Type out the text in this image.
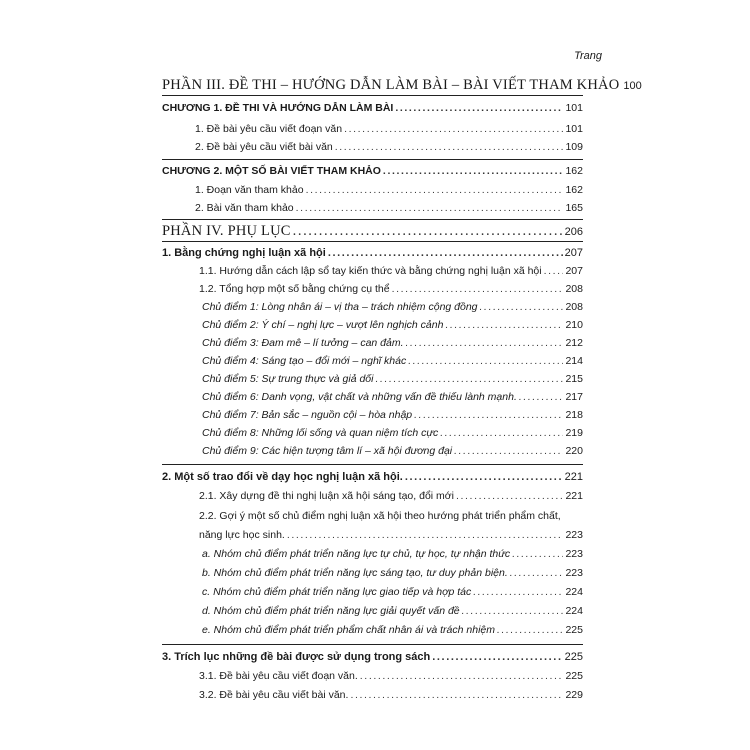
Trang
PHẦN III. ĐỀ THI – HƯỚNG DẪN LÀM BÀI – BÀI VIẾT THAM KHẢO 100
CHƯƠNG 1. ĐỀ THI VÀ HƯỚNG DẪN LÀM BÀI .....	101
1. Đề bài yêu cầu viết đoạn văn .....	101
2. Đề bài yêu cầu viết bài văn .....	109
CHƯƠNG 2. MỘT SỐ BÀI VIẾT THAM KHẢO .....	162
1. Đoạn văn tham khảo .....	162
2. Bài văn tham khảo .....	165
PHẦN IV. PHỤ LỤC .....	206
1. Bằng chứng nghị luận xã hội .....	207
1.1. Hướng dẫn cách lập sổ tay kiến thức và bằng chứng nghị luận xã hội ..... 207
1.2. Tổng hợp một số bằng chứng cụ thể .....	208
Chủ điểm 1: Lòng nhân ái – vị tha – trách nhiệm cộng đồng .....	208
Chủ điểm 2: Ý chí – nghị lực – vượt lên nghịch cảnh .....	210
Chủ điểm 3: Đam mê – lí tưởng – can đảm. .....	212
Chủ điểm 4: Sáng tạo – đổi mới – nghĩ khác .....	214
Chủ điểm 5: Sự trung thực và giả dối .....	215
Chủ điểm 6: Danh vọng, vật chất và những vấn đề thiếu lành mạnh. .....	217
Chủ điểm 7: Bản sắc – nguồn cội – hòa nhập .....	218
Chủ điểm 8: Những lối sống và quan niệm tích cực .....	219
Chủ điểm 9: Các hiện tượng tâm lí – xã hội đương đại .....	220
2. Một số trao đổi về dạy học nghị luận xã hội. .....	221
2.1. Xây dựng đề thi nghị luận xã hội sáng tạo, đổi mới .....	221
2.2. Gợi ý một số chủ điểm nghị luận xã hội theo hướng phát triển phẩm chất,
năng lực học sinh. .....	223
a. Nhóm chủ điểm phát triển năng lực tự chủ, tự học, tự nhận thức .....	223
b. Nhóm chủ điểm phát triển năng lực sáng tạo, tư duy phản biện. .....	223
c. Nhóm chủ điểm phát triển năng lực giao tiếp và hợp tác .....	224
d. Nhóm chủ điểm phát triển năng lực giải quyết vấn đề .....	224
e. Nhóm chủ điểm phát triển phẩm chất nhân ái và trách nhiệm .....	225
3. Trích lục những đề bài được sử dụng trong sách .....	225
3.1. Đề bài yêu cầu viết đoạn văn. .....	225
3.2. Đề bài yêu cầu viết bài văn. .....	229
